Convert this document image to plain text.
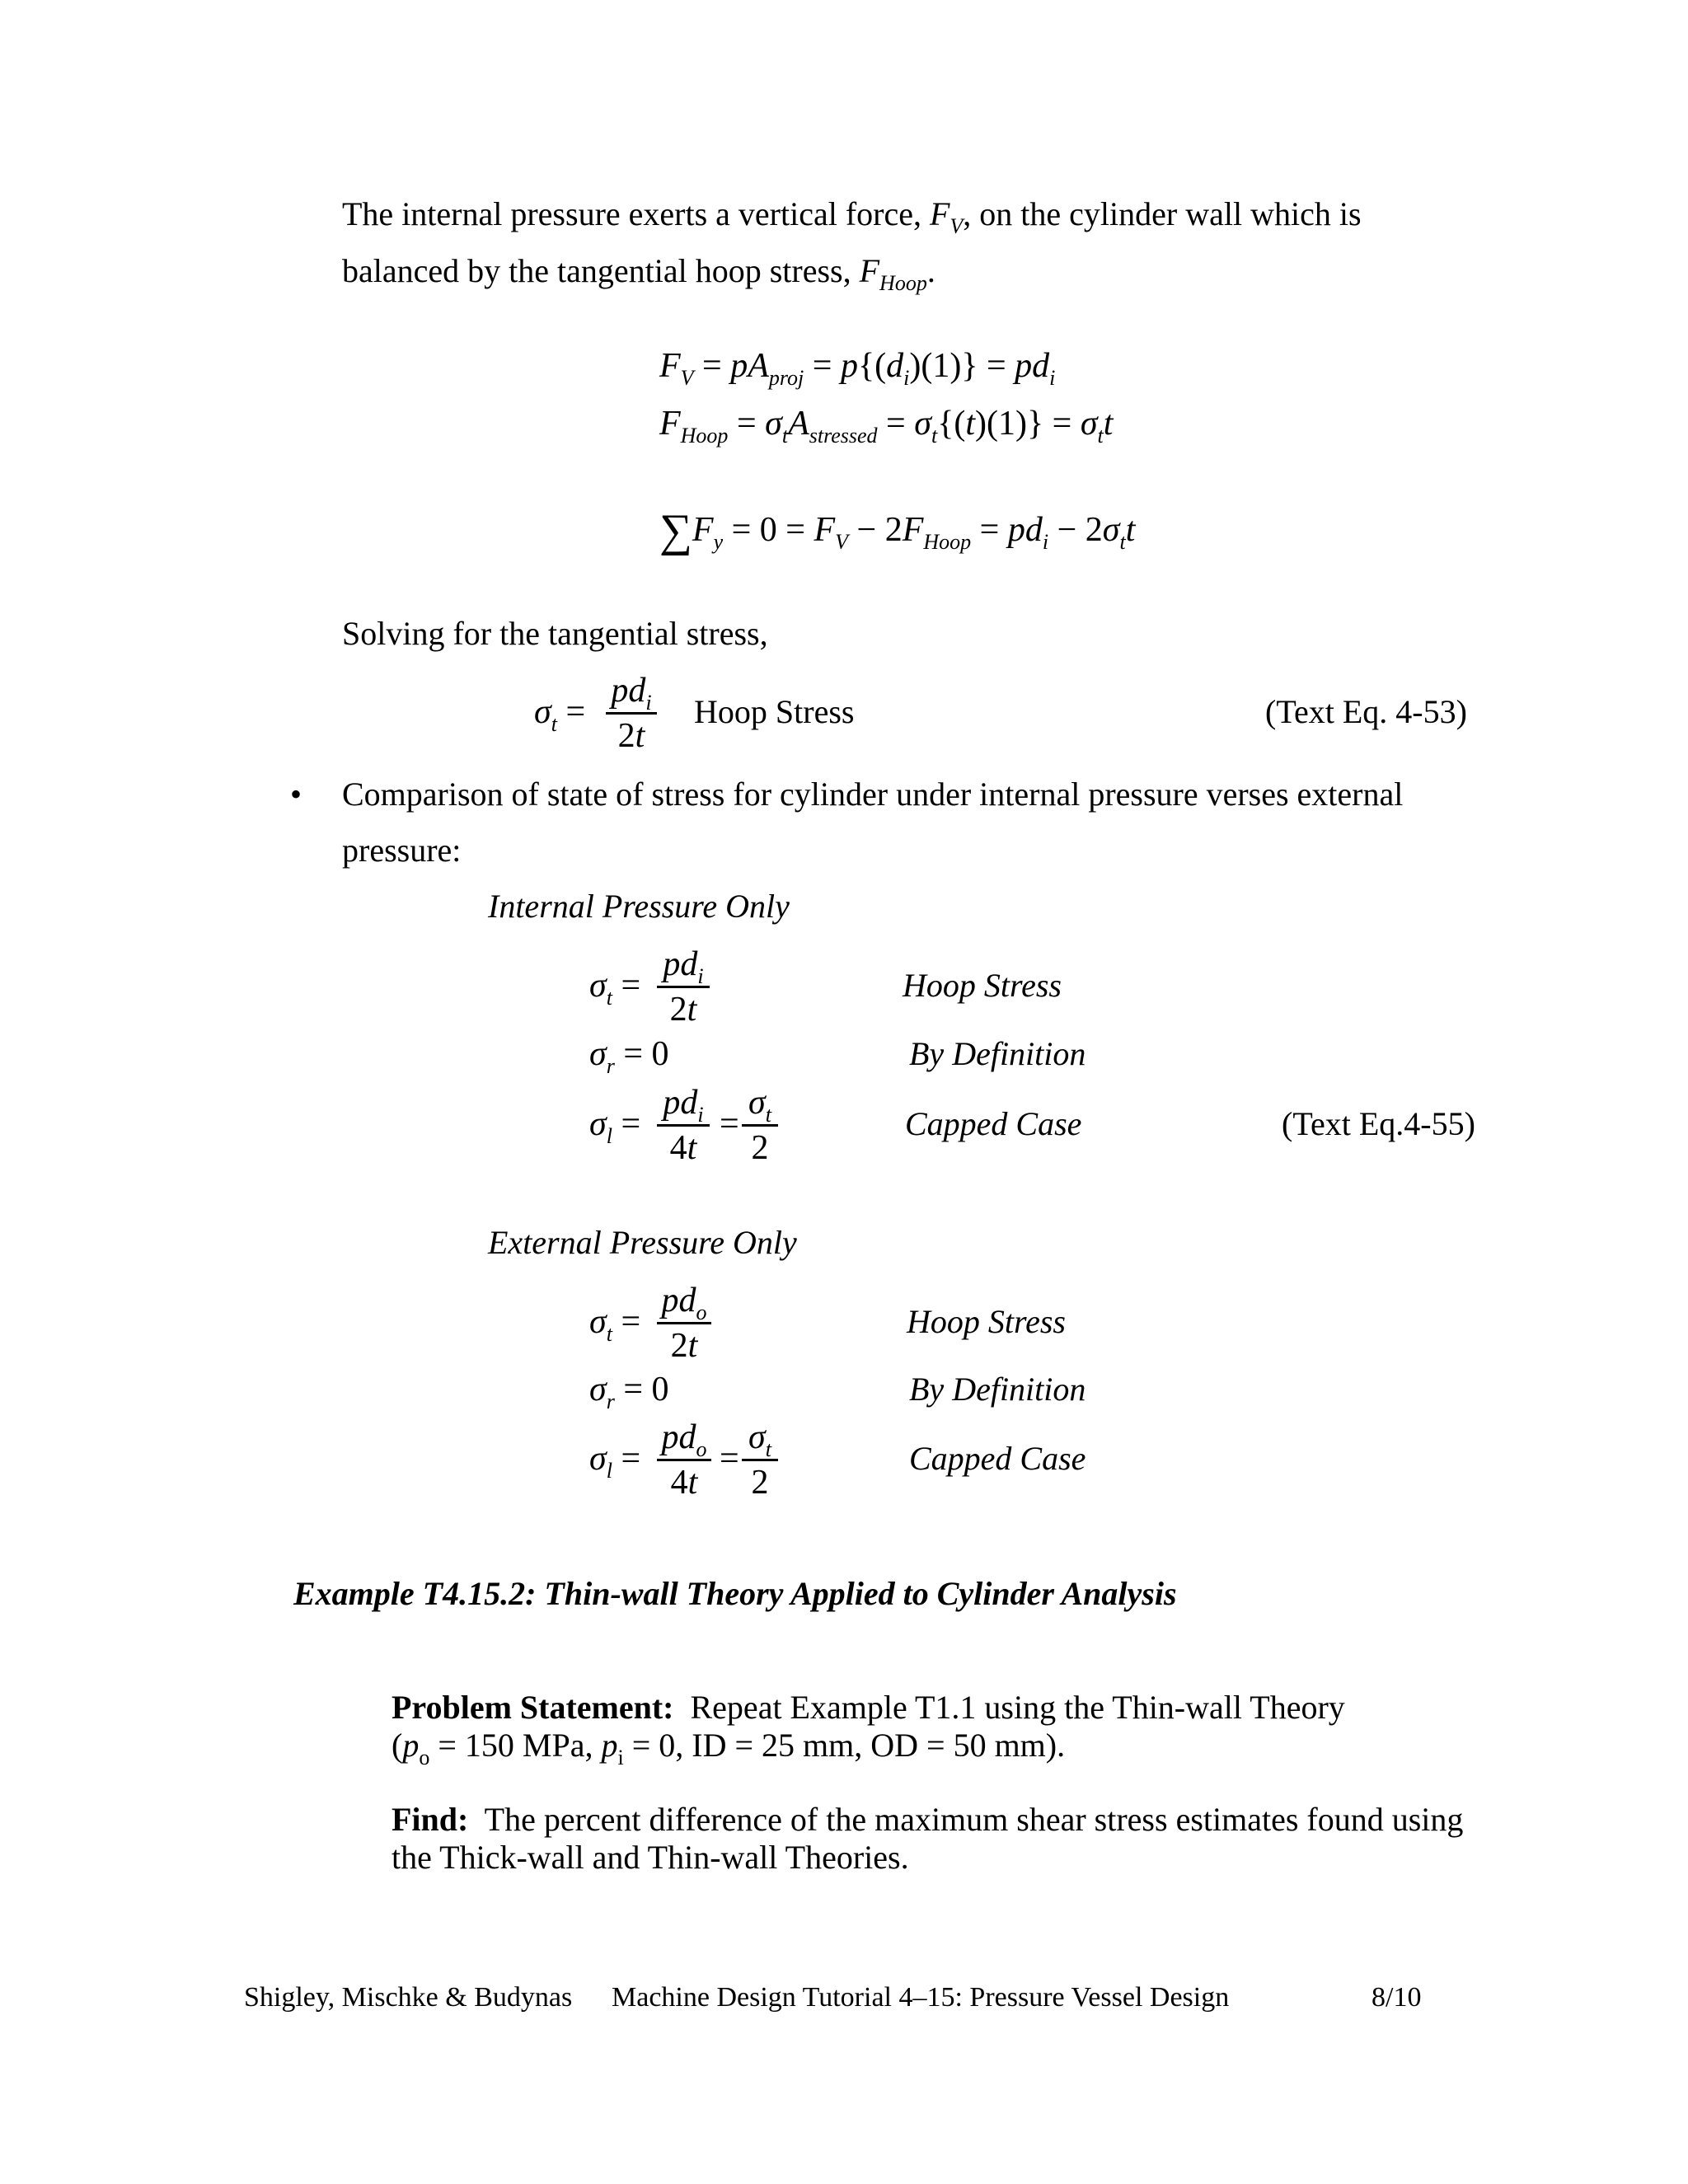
The internal pressure exerts a vertical force, $F_V$, on the cylinder wall which is
balanced by the tangential hoop stress, $F_{Hoop}$.
$F_V = pA_{proj} = p\{(d_i)(1)\} = pd_i$
$F_{Hoop} = \sigma_tA_{stressed} = \sigma_t\{(t)(1)\} = \sigma_tt$
$\sum F_y = 0 = F_V - 2F_{Hoop} = pd_i - 2\sigma_tt$
Solving for the tangential stress,
$\sigma_t$ =
$pd_i$
2t
Hoop Stress	(Text Eq. 4-53)
• Comparison of state of stress for cylinder under internal pressure verses external
pressure:
Internal Pressure Only
$\sigma_t$ =
$pd_i$
2t
Hoop Stress
$\sigma_r = 0$	By Definition
$\sigma_l$ =
$pd_i$
4t
=
$\sigma_t$
2
Capped Case	(Text Eq.4-55)
External Pressure Only
$\sigma_t$ =
$pd_o$
2t
Hoop Stress
$\sigma_r = 0$	By Definition
$\sigma_l$ =
$pd_o$
4t
=
$\sigma_t$
2
Capped Case
Example T4.15.2: Thin-wall Theory Applied to Cylinder Analysis
Problem Statement:  Repeat Example T1.1 using the Thin-wall Theory
($p_o = 150$ MPa, $p_i = 0$, ID = 25 mm, OD = 50 mm).
Find:  The percent difference of the maximum shear stress estimates found using
the Thick-wall and Thin-wall Theories.
Shigley, Mischke & Budynas Machine Design Tutorial 4–15: Pressure Vessel Design	8/10
